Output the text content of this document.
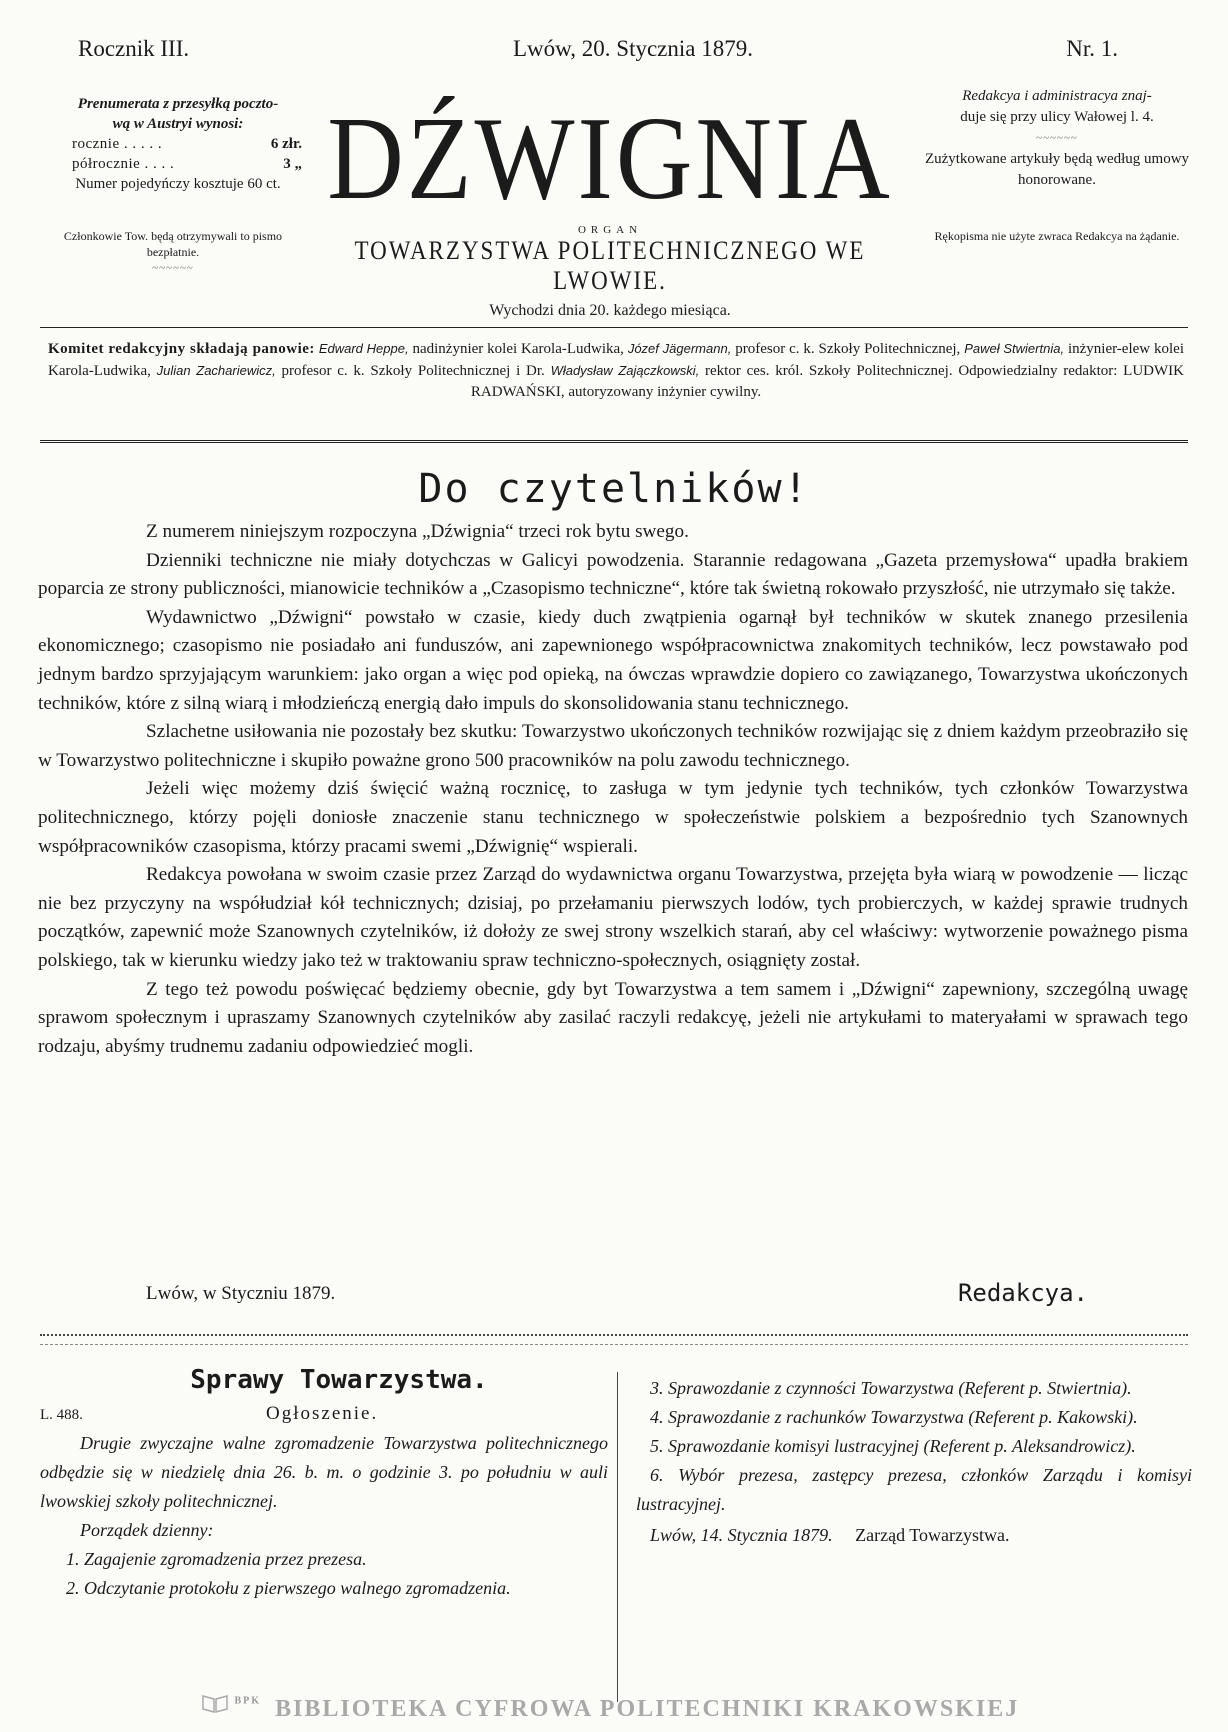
Rocznik III.	Lwów, 20. Stycznia 1879.	Nr. 1.
Prenumerata z przesyłką poczto-
wą w Austryi wynosi:
rocznie . . . . .	6 złr.
półrocznie . . . .	3 „
Numer pojedyńczy kosztuje 60 ct.
Członkowie Tow. będą otrzymywali to pismo bezpłatnie.
~~~~~~
DŹWIGNIA
ORGAN
TOWARZYSTWA POLITECHNICZNEGO WE LWOWIE.
Wychodzi dnia 20. każdego miesiąca.
Redakcya i administracya znaj-
duje się przy ulicy Wałowej l. 4.
~~~~~~
Zużytkowane artykuły będą według umowy honorowane.
Rękopisma nie użyte zwraca Redakcya na żądanie.
Komitet redakcyjny składają panowie: Edward Heppe, nadinżynier kolei Karola-Ludwika, Józef Jägermann, profesor c. k. Szkoły Politechnicznej, Paweł Stwiertnia, inżynier-elew kolei Karola-Ludwika, Julian Zachariewicz, profesor c. k. Szkoły Politechnicznej i Dr. Władysław Zajączkowski, rektor ces. król. Szkoły Politechnicznej. Odpowiedzialny redaktor: LUDWIK RADWAŃSKI, autoryzowany inżynier cywilny.
Do czytelników!

Z numerem niniejszym rozpoczyna „Dźwignia“ trzeci rok bytu swego.

Dzienniki techniczne nie miały dotychczas w Galicyi powodzenia. Starannie redagowana „Gazeta przemysłowa“ upadła brakiem poparcia ze strony publiczności, mianowicie techników a „Czasopismo techniczne“, które tak świetną rokowało przyszłość, nie utrzymało się także.

Wydawnictwo „Dźwigni“ powstało w czasie, kiedy duch zwątpienia ogarnął był techników w skutek znanego przesilenia ekonomicznego; czasopismo nie posiadało ani funduszów, ani zapewnionego współpracownictwa znakomitych techników, lecz powstawało pod jednym bardzo sprzyjającym warunkiem: jako organ a więc pod opieką, na ówczas wprawdzie dopiero co zawiązanego, Towarzystwa ukończonych techników, które z silną wiarą i młodzieńczą energią dało impuls do skonsolidowania stanu technicznego.

Szlachetne usiłowania nie pozostały bez skutku: Towarzystwo ukończonych techników rozwijając się z dniem każdym przeobraziło się w Towarzystwo politechniczne i skupiło poważne grono 500 pracowników na polu zawodu technicznego.

Jeżeli więc możemy dziś święcić ważną rocznicę, to zasługa w tym jedynie tych techników, tych członków Towarzystwa politechnicznego, którzy pojęli doniosłe znaczenie stanu technicznego w społeczeństwie polskiem a bezpośrednio tych Szanownych współpracowników czasopisma, którzy pracami swemi „Dźwignię“ wspierali.

Redakcya powołana w swoim czasie przez Zarząd do wydawnictwa organu Towarzystwa, przejęta była wiarą w powodzenie — licząc nie bez przyczyny na współudział kół technicznych; dzisiaj, po przełamaniu pierwszych lodów, tych probierczych, w każdej sprawie trudnych początków, zapewnić może Szanownych czytelników, iż dołoży ze swej strony wszelkich starań, aby cel właściwy: wytworzenie poważnego pisma polskiego, tak w kierunku wiedzy jako też w traktowaniu spraw techniczno-społecznych, osiągnięty został.

Z tego też powodu poświęcać będziemy obecnie, gdy byt Towarzystwa a tem samem i „Dźwigni“ zapewniony, szczególną uwagę sprawom społecznym i upraszamy Szanownych czytelników aby zasilać raczyli redakcyę, jeżeli nie artykułami to materyałami w sprawach tego rodzaju, abyśmy trudnemu zadaniu odpowiedzieć mogli.

Lwów, w Styczniu 1879.	Redakcya.
Sprawy Towarzystwa.
L. 488.	Ogłoszenie.

Drugie zwyczajne walne zgromadzenie Towarzystwa politechnicznego odbędzie się w niedzielę dnia 26. b. m. o godzinie 3. po południu w auli lwowskiej szkoły politechnicznej.

Porządek dzienny:

1. Zagajenie zgromadzenia przez prezesa.

2. Odczytanie protokołu z pierwszego walnego zgromadzenia.

3. Sprawozdanie z czynności Towarzystwa (Referent p. Stwiertnia).

4. Sprawozdanie z rachunków Towarzystwa (Referent p. Kakowski).

5. Sprawozdanie komisyi lustracyjnej (Referent p. Aleksandrowicz).

6. Wybór prezesa, zastępcy prezesa, członków Zarządu i komisyi lustracyjnej.

Lwów, 14. Stycznia 1879. Zarząd Towarzystwa.
BPK BIBLIOTEKA CYFROWA POLITECHNIKI KRAKOWSKIEJ
